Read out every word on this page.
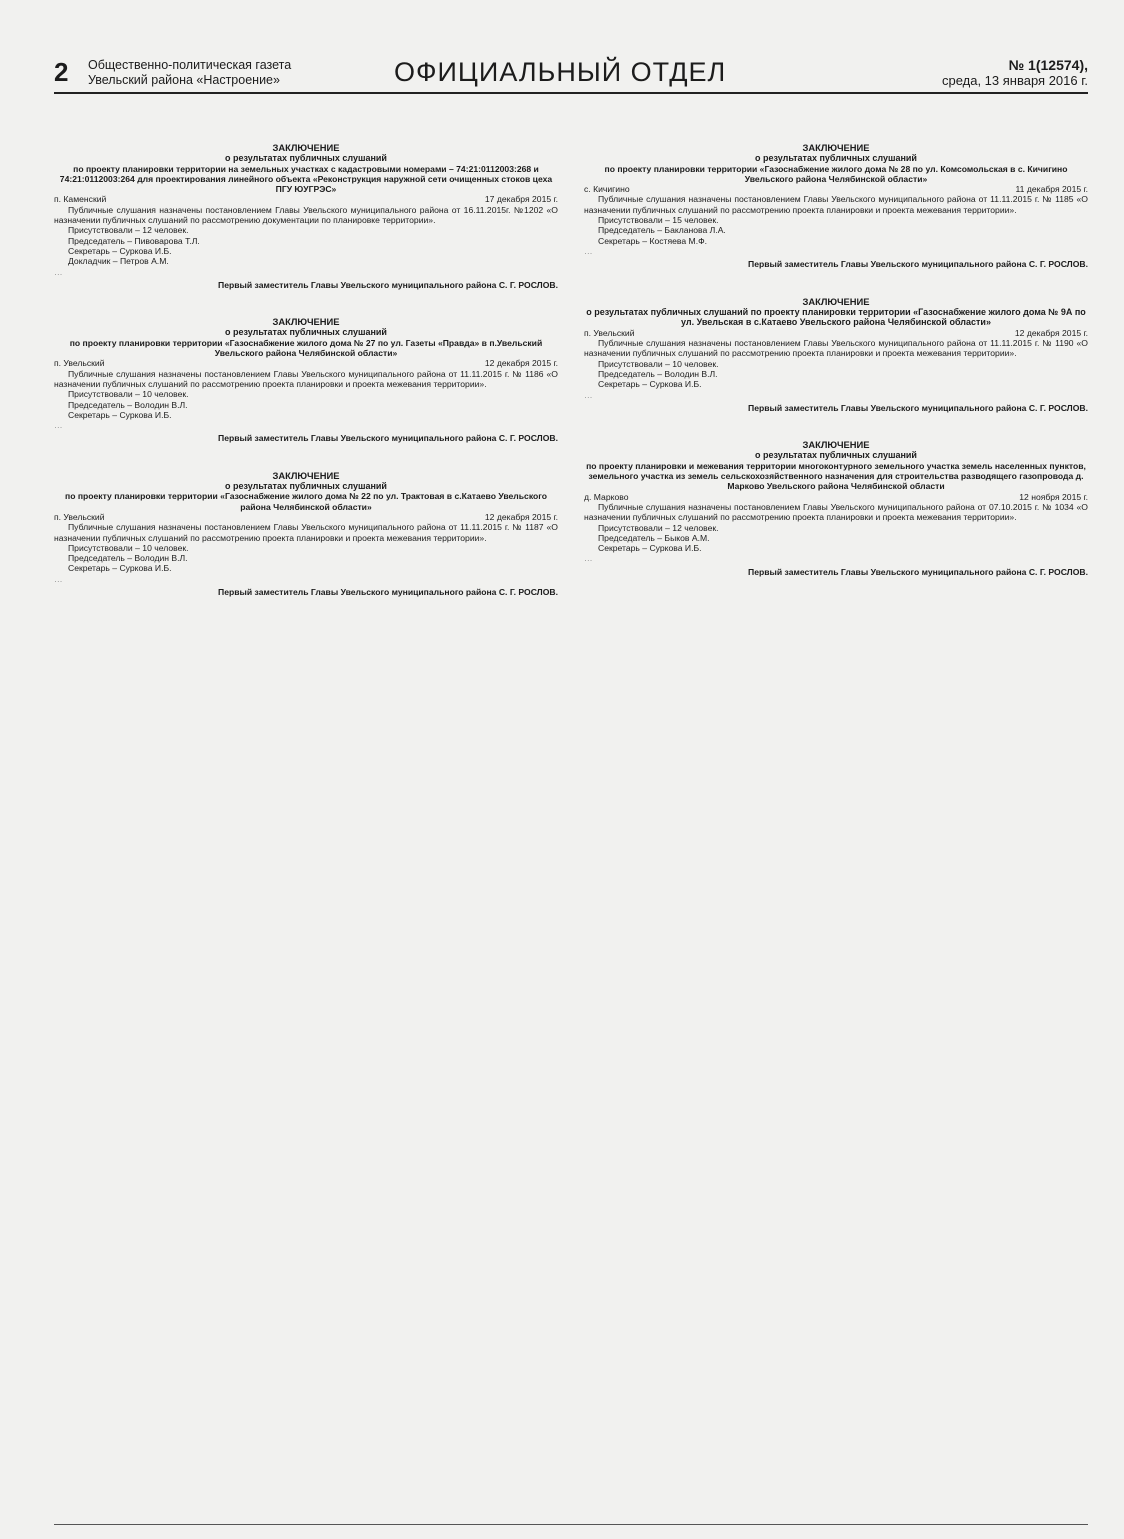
2	Общественно-политическая газета
Увельский района «Настроение»	ОФИЦИАЛЬНЫЙ ОТДЕЛ	№ 1(12574),
среда, 13 января 2016 г.
ЗАКЛЮЧЕНИЕ
о результатах публичных слушаний
по проекту планировки территории на земельных участках с кадастровыми номерами – 74:21:0112003:268 и 74:21:0112003:264 для проектирования линейного объекта «Реконструкция наружной сети очищенных стоков цеха ПГУ ЮУГРЭС»
п. Каменский	17 декабря 2015 г.

Публичные слушания назначены постановлением Главы Увельского муниципального района от 16.11.2015г. №1202 «О назначении публичных слушаний по рассмотрению документации по планировке территории».

Присутствовали – 12 человек.

Председатель – Пивоварова Т.Л.

Секретарь – Суркова И.Б.

Докладчик – Петров А.М.

…

Первый заместитель Главы Увельского муниципального района С. Г. РОСЛОВ.

ЗАКЛЮЧЕНИЕ
о результатах публичных слушаний
по проекту планировки территории «Газоснабжение жилого дома № 27 по ул. Газеты «Правда» в п.Увельский Увельского района Челябинской области»
п. Увельский	12 декабря 2015 г.

Публичные слушания назначены постановлением Главы Увельского муниципального района от 11.11.2015 г. № 1186 «О назначении публичных слушаний по рассмотрению проекта планировки и проекта межевания территории».

Присутствовали – 10 человек.

Председатель – Володин В.Л.

Секретарь – Суркова И.Б.

…

Первый заместитель Главы Увельского муниципального района С. Г. РОСЛОВ.

ЗАКЛЮЧЕНИЕ
о результатах публичных слушаний
по проекту планировки территории «Газоснабжение жилого дома № 22 по ул. Трактовая в с.Катаево Увельского района Челябинской области»
п. Увельский	12 декабря 2015 г.

Публичные слушания назначены постановлением Главы Увельского муниципального района от 11.11.2015 г. № 1187 «О назначении публичных слушаний по рассмотрению проекта планировки и проекта межевания территории».

Присутствовали – 10 человек.

Председатель – Володин В.Л.

Секретарь – Суркова И.Б.

…

Первый заместитель Главы Увельского муниципального района С. Г. РОСЛОВ.

ЗАКЛЮЧЕНИЕ
о результатах публичных слушаний
по проекту планировки территории «Газоснабжение жилого дома № 28 по ул. Комсомольская в с. Кичигино Увельского района Челябинской области»
с. Кичигино	11 декабря 2015 г.

Публичные слушания назначены постановлением Главы Увельского муниципального района от 11.11.2015 г. № 1185 «О назначении публичных слушаний по рассмотрению проекта планировки и проекта межевания территории».

Присутствовали – 15 человек.

Председатель – Бакланова Л.А.

Секретарь – Костяева М.Ф.

…

Первый заместитель Главы Увельского муниципального района С. Г. РОСЛОВ.

ЗАКЛЮЧЕНИЕ
о результатах публичных слушаний по проекту планировки территории «Газоснабжение жилого дома № 9А по ул. Увельская в с.Катаево Увельского района Челябинской области»
п. Увельский	12 декабря 2015 г.

Публичные слушания назначены постановлением Главы Увельского муниципального района от 11.11.2015 г. № 1190 «О назначении публичных слушаний по рассмотрению проекта планировки и проекта межевания территории».

Присутствовали – 10 человек.

Председатель – Володин В.Л.

Секретарь – Суркова И.Б.

…

Первый заместитель Главы Увельского муниципального района С. Г. РОСЛОВ.

ЗАКЛЮЧЕНИЕ
о результатах публичных слушаний
по проекту планировки и межевания территории многоконтурного земельного участка земель населенных пунктов, земельного участка из земель сельскохозяйственного назначения для строительства разводящего газопровода д. Марково Увельского района Челябинской области
д. Марково	12 ноября 2015 г.

Публичные слушания назначены постановлением Главы Увельского муниципального района от 07.10.2015 г. № 1034 «О назначении публичных слушаний по рассмотрению проекта планировки и проекта межевания территории».

Присутствовали – 12 человек.

Председатель – Быков А.М.

Секретарь – Суркова И.Б.

…

Первый заместитель Главы Увельского муниципального района С. Г. РОСЛОВ.
